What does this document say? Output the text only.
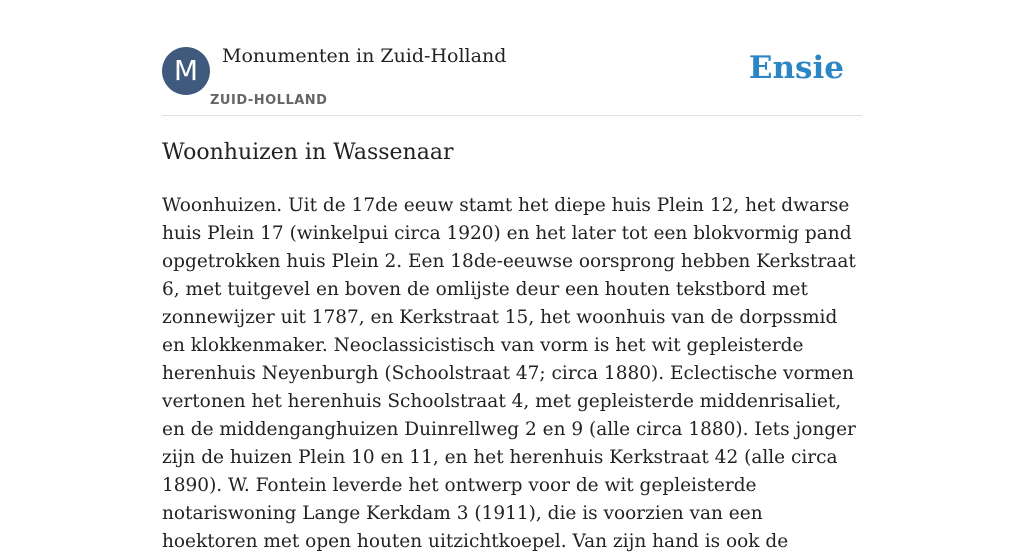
M	Monumenten in Zuid-Holland
ZUID-HOLLAND
Ensie
Woonhuizen in Wassenaar

Woonhuizen. Uit de 17de eeuw stamt het diepe huis Plein 12, het dwarse huis Plein 17 (winkelpui circa 1920) en het later tot een blokvormig pand opgetrokken huis Plein 2. Een 18de-eeuwse oorsprong hebben Kerkstraat 6, met tuitgevel en boven de omlijste deur een houten tekstbord met zonnewijzer uit 1787, en Kerkstraat 15, het woonhuis van de dorpssmid en klokkenmaker. Neoclassicistisch van vorm is het wit gepleisterde herenhuis Neyenburgh (Schoolstraat 47; circa 1880). Eclectische vormen vertonen het herenhuis Schoolstraat 4, met gepleisterde middenrisaliet, en de middenganghuizen Duinrellweg 2 en 9 (alle circa 1880). Iets jonger zijn de huizen Plein 10 en 11, en het herenhuis Kerkstraat 42 (alle circa 1890). W. Fontein leverde het ontwerp voor de wit gepleisterde notariswoning Lange Kerkdam 3 (1911), die is voorzien van een hoektoren met open houten uitzichtkoepel. Van zijn hand is ook de
